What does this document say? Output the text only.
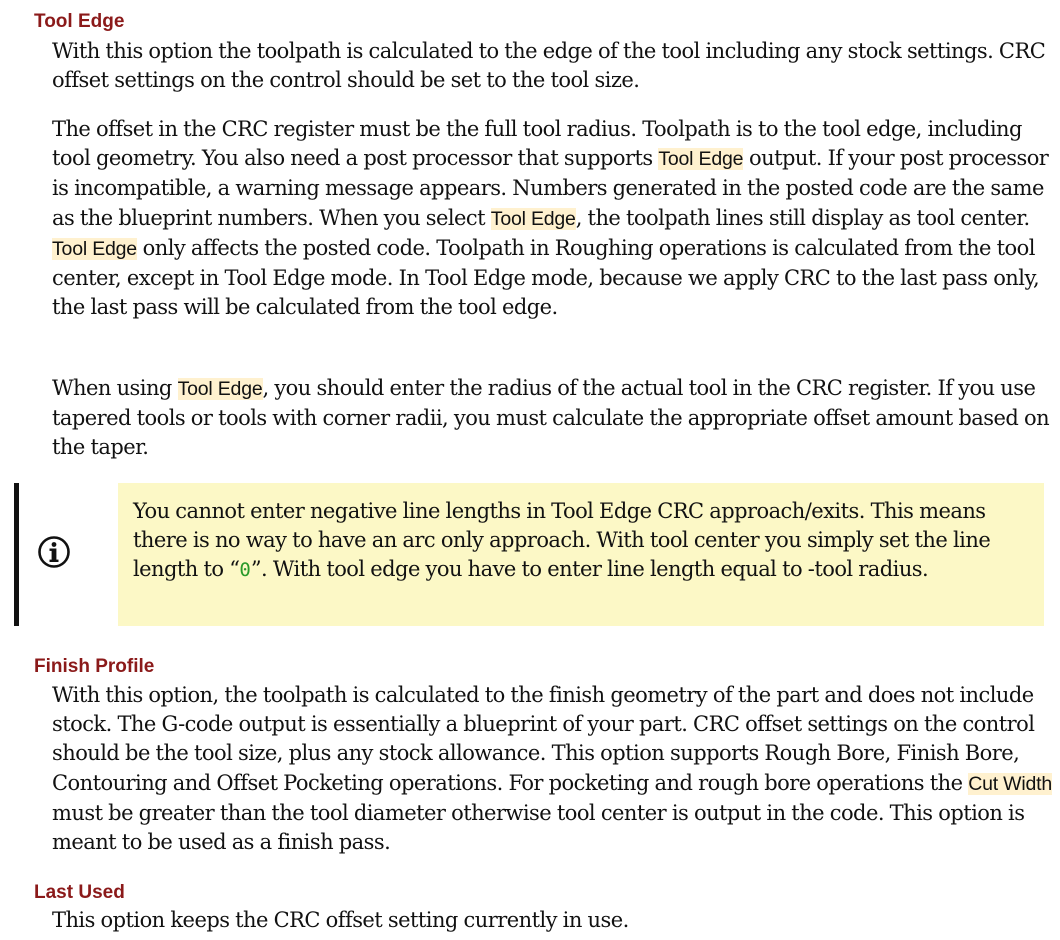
Tool Edge

With this option the toolpath is calculated to the edge of the tool including any stock settings. CRC offset settings on the control should be set to the tool size.

The offset in the CRC register must be the full tool radius. Toolpath is to the tool edge, including tool geometry. You also need a post processor that supports Tool Edge output. If your post processor is incompatible, a warning message appears. Numbers generated in the posted code are the same as the blueprint numbers. When you select Tool Edge, the toolpath lines still display as tool center. Tool Edge only affects the posted code. Toolpath in Roughing operations is calculated from the tool center, except in Tool Edge mode. In Tool Edge mode, because we apply CRC to the last pass only, the last pass will be calculated from the tool edge.

When using Tool Edge, you should enter the radius of the actual tool in the CRC register. If you use tapered tools or tools with corner radii, you must calculate the appropriate offset amount based on the taper.

You cannot enter negative line lengths in Tool Edge CRC approach/exits. This means there is no way to have an arc only approach. With tool center you simply set the line length to “0”. With tool edge you have to enter line length equal to -tool radius.

Finish Profile

With this option, the toolpath is calculated to the finish geometry of the part and does not include stock. The G-code output is essentially a blueprint of your part. CRC offset settings on the control should be the tool size, plus any stock allowance. This option supports Rough Bore, Finish Bore, Contouring and Offset Pocketing operations. For pocketing and rough bore operations the Cut Width must be greater than the tool diameter otherwise tool center is output in the code. This option is meant to be used as a finish pass.

Last Used

This option keeps the CRC offset setting currently in use.
